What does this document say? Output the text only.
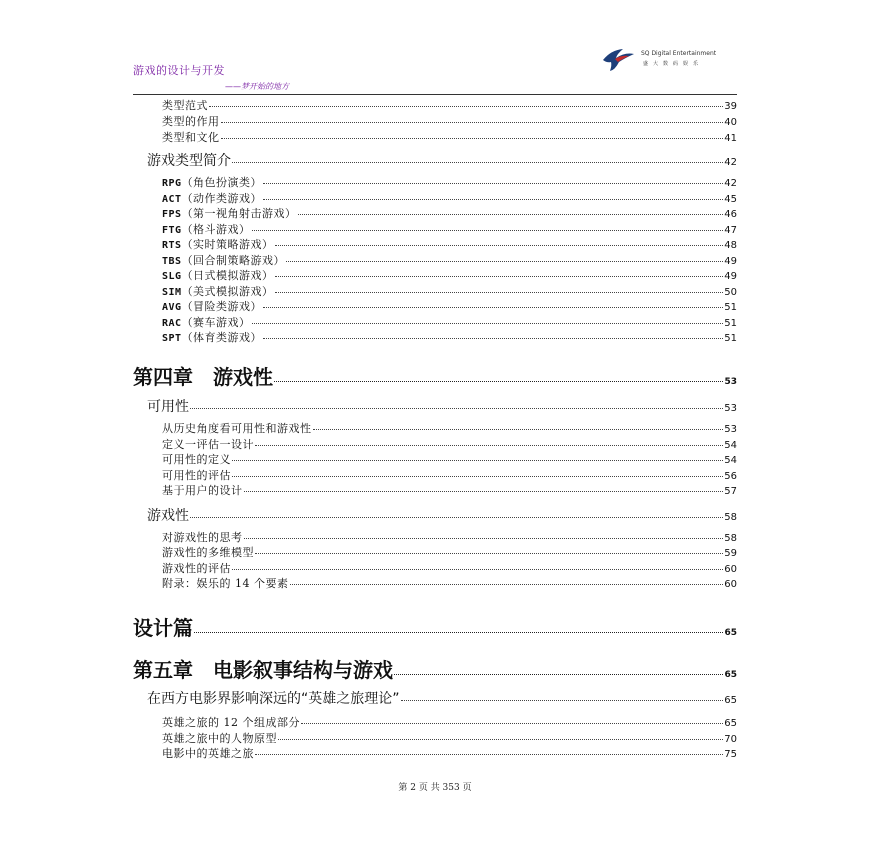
游戏的设计与开发
——梦开始的地方
SQ Digital Entertainment
盛大数码娱乐
类型范式	39
类型的作用	40
类型和文化	41
游戏类型简介	42
RPG（角色扮演类）	42
ACT（动作类游戏）	45
FPS（第一视角射击游戏）	46
FTG（格斗游戏）	47
RTS（实时策略游戏）	48
TBS（回合制策略游戏）	49
SLG（日式模拟游戏）	49
SIM（美式模拟游戏）	50
AVG（冒险类游戏）	51
RAC（赛车游戏）	51
SPT（体育类游戏）	51
第四章　游戏性	53
可用性	53
从历史角度看可用性和游戏性	53
定义一评估一设计	54
可用性的定义	54
可用性的评估	56
基于用户的设计	57
游戏性	58
对游戏性的思考	58
游戏性的多维模型	59
游戏性的评估	60
附录：娱乐的 14 个要素	60
设计篇	65
第五章　电影叙事结构与游戏	65
在西方电影界影响深远的“英雄之旅理论”	65
英雄之旅的 12 个组成部分	65
英雄之旅中的人物原型	70
电影中的英雄之旅	75
第 2 页 共 353 页
